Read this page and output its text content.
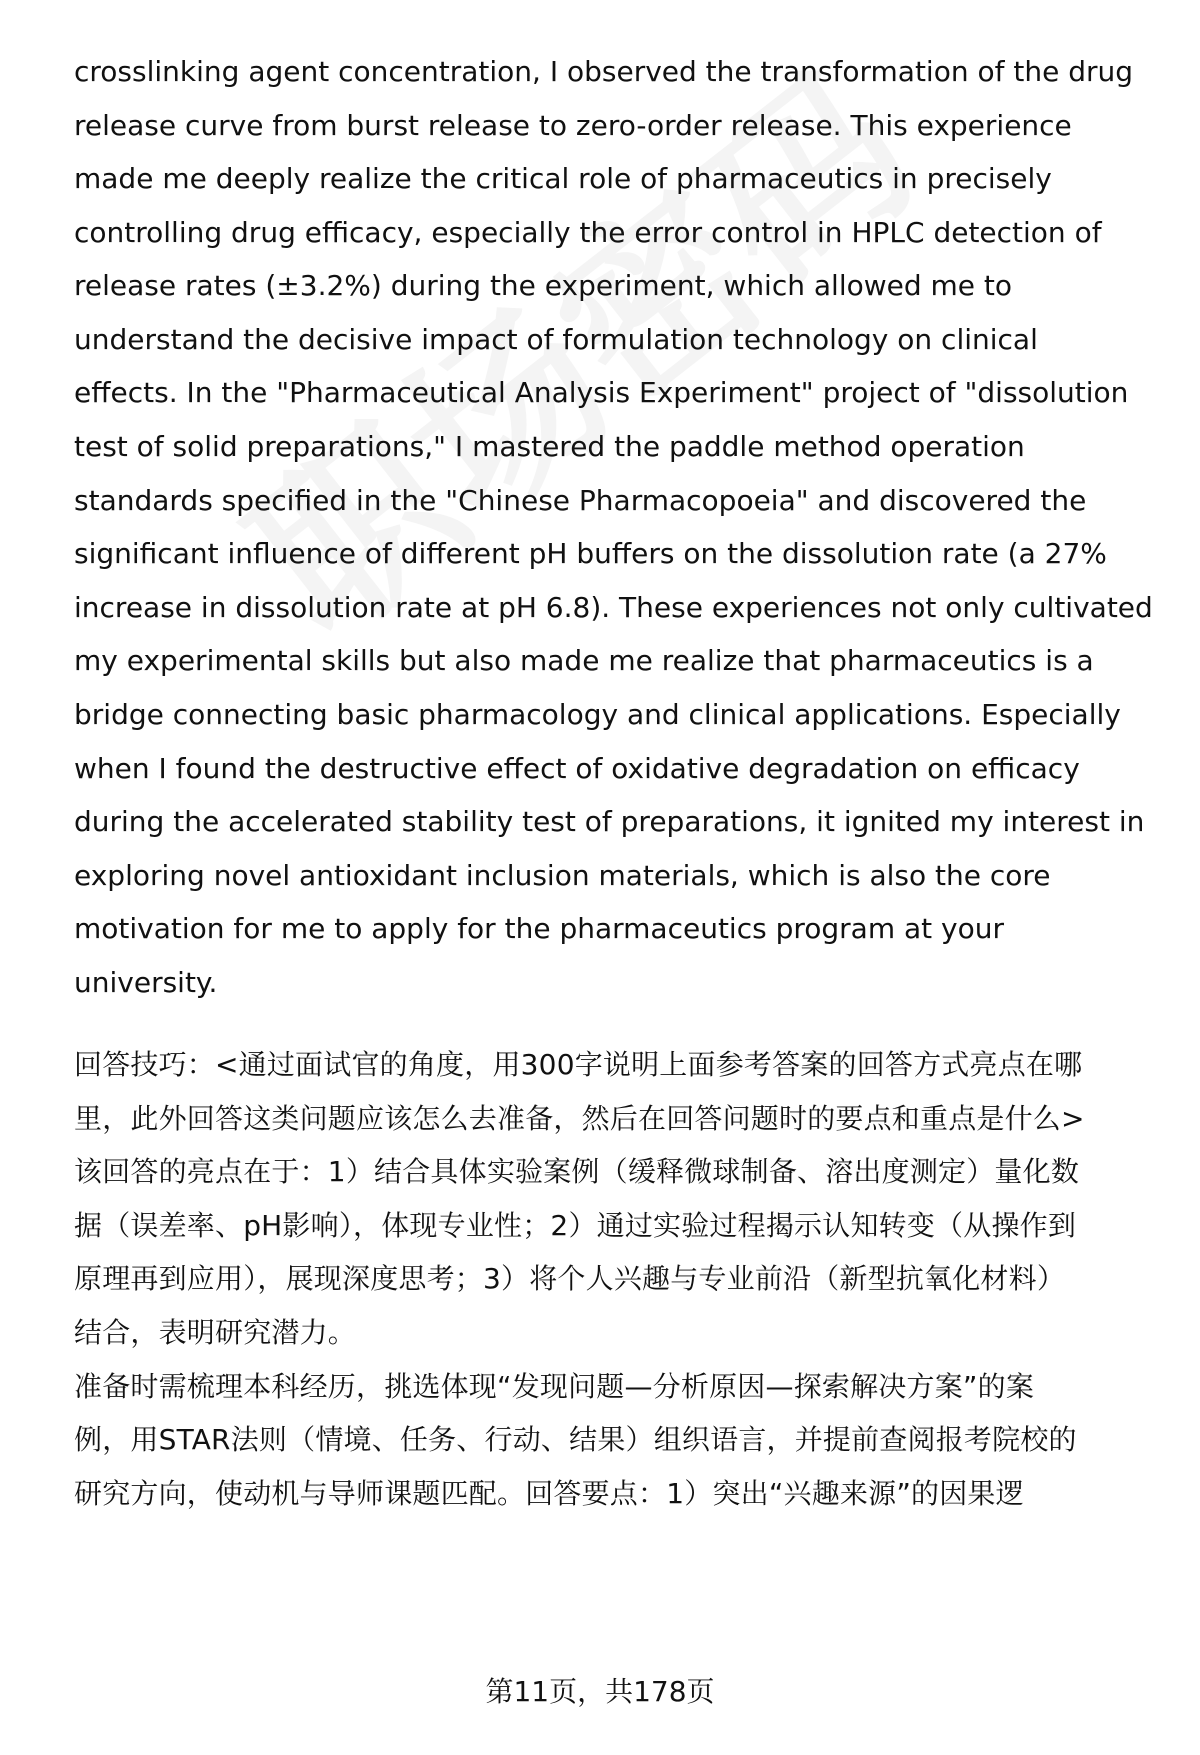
crosslinking agent concentration, I observed the transformation of the drug
release curve from burst release to zero-order release. This experience
made me deeply realize the critical role of pharmaceutics in precisely
controlling drug efficacy, especially the error control in HPLC detection of
release rates (±3.2%) during the experiment, which allowed me to
understand the decisive impact of formulation technology on clinical
effects. In the "Pharmaceutical Analysis Experiment" project of "dissolution
test of solid preparations," I mastered the paddle method operation
standards specified in the "Chinese Pharmacopoeia" and discovered the
significant influence of different pH buffers on the dissolution rate (a 27%
increase in dissolution rate at pH 6.8). These experiences not only cultivated
my experimental skills but also made me realize that pharmaceutics is a
bridge connecting basic pharmacology and clinical applications. Especially
when I found the destructive effect of oxidative degradation on efficacy
during the accelerated stability test of preparations, it ignited my interest in
exploring novel antioxidant inclusion materials, which is also the core
motivation for me to apply for the pharmaceutics program at your
university.
回答技巧：<通过面试官的角度，用300字说明上面参考答案的回答方式亮点在哪
里，此外回答这类问题应该怎么去准备，然后在回答问题时的要点和重点是什么>
该回答的亮点在于：1）结合具体实验案例（缓释微球制备、溶出度测定）量化数
据（误差率、pH影响），体现专业性；2）通过实验过程揭示认知转变（从操作到
原理再到应用），展现深度思考；3）将个人兴趣与专业前沿（新型抗氧化材料）
结合，表明研究潜力。
准备时需梳理本科经历，挑选体现“发现问题—分析原因—探索解决方案”的案
例，用STAR法则（情境、任务、行动、结果）组织语言，并提前查阅报考院校的
研究方向，使动机与导师课题匹配。回答要点：1）突出“兴趣来源”的因果逻
第11页，共178页
